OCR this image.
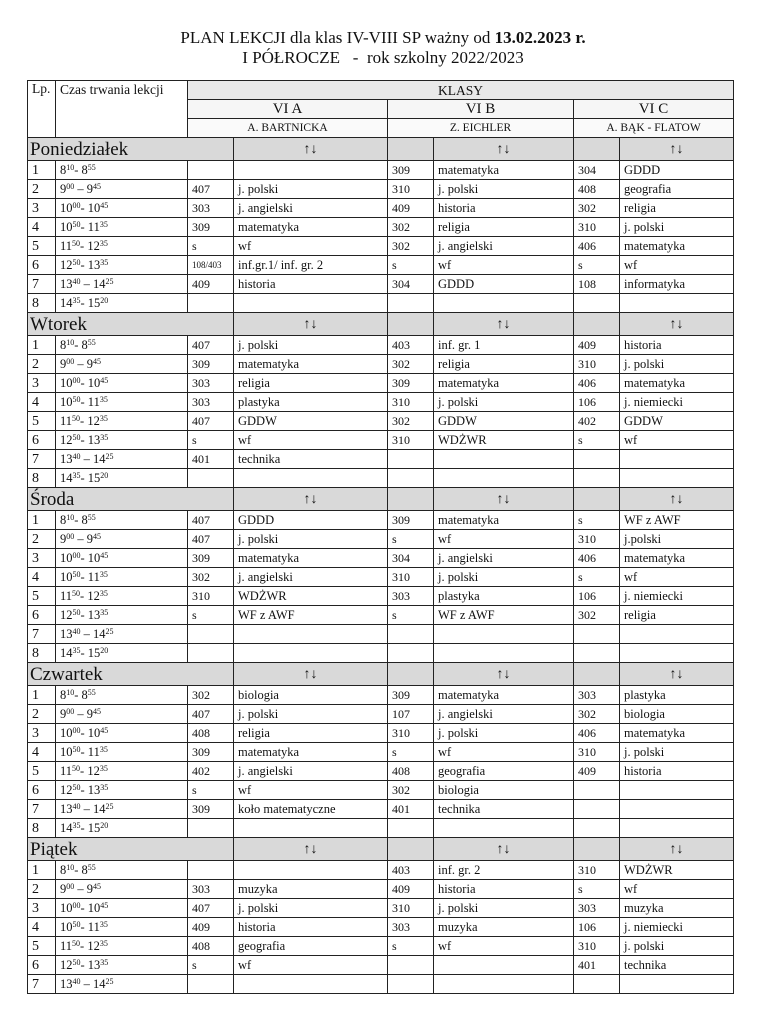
PLAN LEKCJI dla klas IV-VIII SP ważny od 13.02.2023 r.
I PÓŁROCZE   -  rok szkolny 2022/2023
Lp.	Czas trwania lekcji	KLASY					
		VI A		VI B		VI C	
		A. BARTNICKA		Z. EICHLER		A. BĄK - FLATOW	
Poniedziałek			↑↓		↑↓		↑↓
1	$8^{10}-$ $8^{55}$			309	matematyka	304	GDDD
2	$9^{00} - 9^{45}$	407	j. polski	310	j. polski	408	geografia
3	$10^{00}-$ $10^{45}$	303	j. angielski	409	historia	302	religia
4	$10^{50}-$ $11^{35}$	309	matematyka	302	religia	310	j. polski
5	$11^{50}-$ $12^{35}$	s	wf	302	j. angielski	406	matematyka
6	$12^{50}-$ $13^{35}$	108/403	inf.gr.1/ inf. gr. 2	s	wf	s	wf
7	$13^{40} - 14^{25}$	409	historia	304	GDDD	108	informatyka
8	$14^{35}-$ $15^{20}$						
Wtorek			↑↓		↑↓		↑↓
1	$8^{10}-$ $8^{55}$	407	j. polski	403	inf. gr. 1	409	historia
2	$9^{00} - 9^{45}$	309	matematyka	302	religia	310	j. polski
3	$10^{00}-$ $10^{45}$	303	religia	309	matematyka	406	matematyka
4	$10^{50}-$ $11^{35}$	303	plastyka	310	j. polski	106	j. niemiecki
5	$11^{50}-$ $12^{35}$	407	GDDW	302	GDDW	402	GDDW
6	$12^{50}-$ $13^{35}$	s	wf	310	WDŻWR	s	wf
7	$13^{40} - 14^{25}$	401	technika				
8	$14^{35}-$ $15^{20}$						
Środa			↑↓		↑↓		↑↓
1	$8^{10}-$ $8^{55}$	407	GDDD	309	matematyka	s	WF z AWF
2	$9^{00} - 9^{45}$	407	j. polski	s	wf	310	j.polski
3	$10^{00}-$ $10^{45}$	309	matematyka	304	j. angielski	406	matematyka
4	$10^{50}-$ $11^{35}$	302	j. angielski	310	j. polski	s	wf
5	$11^{50}-$ $12^{35}$	310	WDŻWR	303	plastyka	106	j. niemiecki
6	$12^{50}-$ $13^{35}$	s	WF z AWF	s	WF z AWF	302	religia
7	$13^{40} - 14^{25}$						
8	$14^{35}-$ $15^{20}$						
Czwartek			↑↓		↑↓		↑↓
1	$8^{10}-$ $8^{55}$	302	biologia	309	matematyka	303	plastyka
2	$9^{00} - 9^{45}$	407	j. polski	107	j. angielski	302	biologia
3	$10^{00}-$ $10^{45}$	408	religia	310	j. polski	406	matematyka
4	$10^{50}-$ $11^{35}$	309	matematyka	s	wf	310	j. polski
5	$11^{50}-$ $12^{35}$	402	j. angielski	408	geografia	409	historia
6	$12^{50}-$ $13^{35}$	s	wf	302	biologia		
7	$13^{40} - 14^{25}$	309	koło matematyczne	401	technika		
8	$14^{35}-$ $15^{20}$						
Piątek			↑↓		↑↓		↑↓
1	$8^{10}-$ $8^{55}$			403	inf. gr. 2	310	WDŻWR
2	$9^{00} - 9^{45}$	303	muzyka	409	historia	s	wf
3	$10^{00}-$ $10^{45}$	407	j. polski	310	j. polski	303	muzyka
4	$10^{50}-$ $11^{35}$	409	historia	303	muzyka	106	j. niemiecki
5	$11^{50}-$ $12^{35}$	408	geografia	s	wf	310	j. polski
6	$12^{50}-$ $13^{35}$	s	wf			401	technika
7	$13^{40} - 14^{25}$						
